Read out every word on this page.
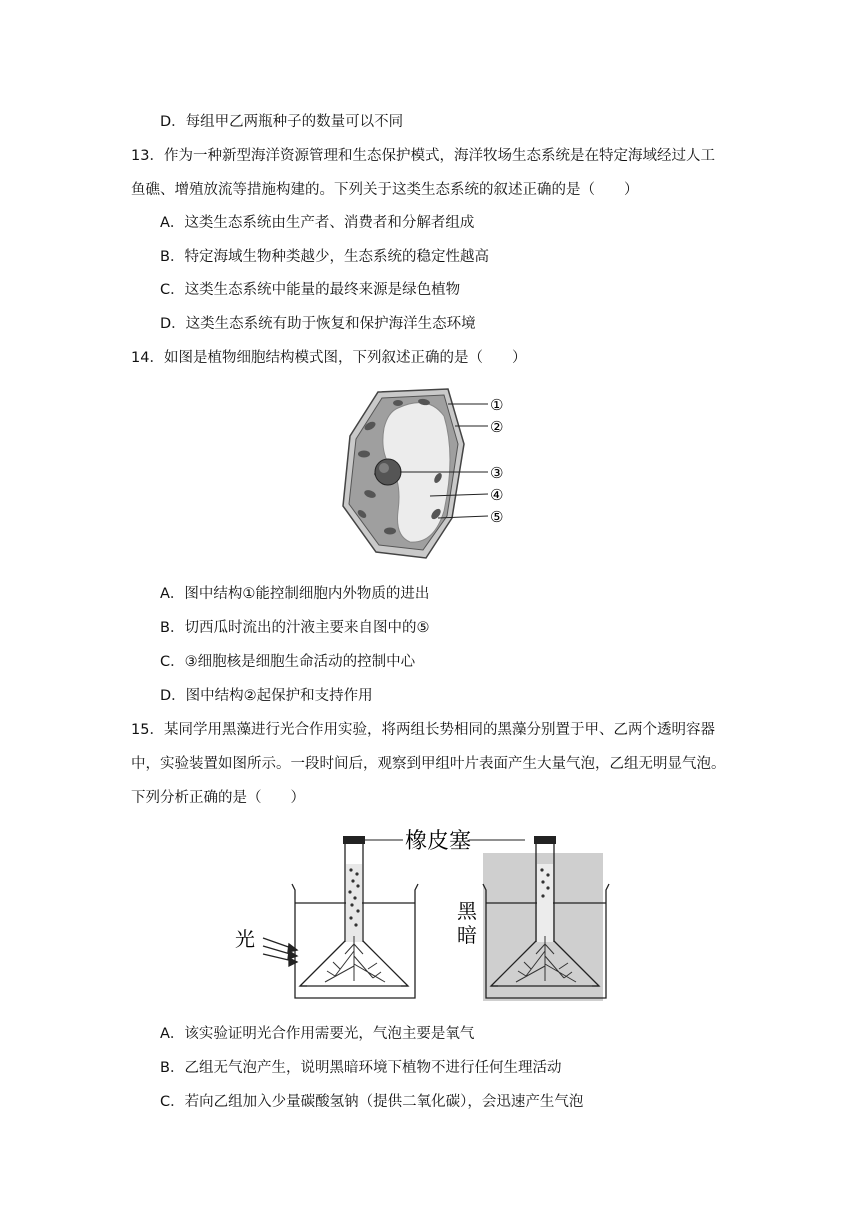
D．每组甲乙两瓶种子的数量可以不同
13．作为一种新型海洋资源管理和生态保护模式，海洋牧场生态系统是在特定海域经过人工
鱼礁、增殖放流等措施构建的。下列关于这类生态系统的叙述正确的是（　　）
A．这类生态系统由生产者、消费者和分解者组成
B．特定海域生物种类越少，生态系统的稳定性越高
C．这类生态系统中能量的最终来源是绿色植物
D．这类生态系统有助于恢复和保护海洋生态环境
14．如图是植物细胞结构模式图，下列叙述正确的是（　　）
①
②
③
④
⑤
A．图中结构①能控制细胞内外物质的进出
B．切西瓜时流出的汁液主要来自图中的⑤
C．③细胞核是细胞生命活动的控制中心
D．图中结构②起保护和支持作用
15．某同学用黑藻进行光合作用实验，将两组长势相同的黑藻分别置于甲、乙两个透明容器
中，实验装置如图所示。一段时间后，观察到甲组叶片表面产生大量气泡，乙组无明显气泡。
下列分析正确的是（　　）
橡皮塞
光
黑
暗
A．该实验证明光合作用需要光，气泡主要是氧气
B．乙组无气泡产生，说明黑暗环境下植物不进行任何生理活动
C．若向乙组加入少量碳酸氢钠（提供二氧化碳），会迅速产生气泡
